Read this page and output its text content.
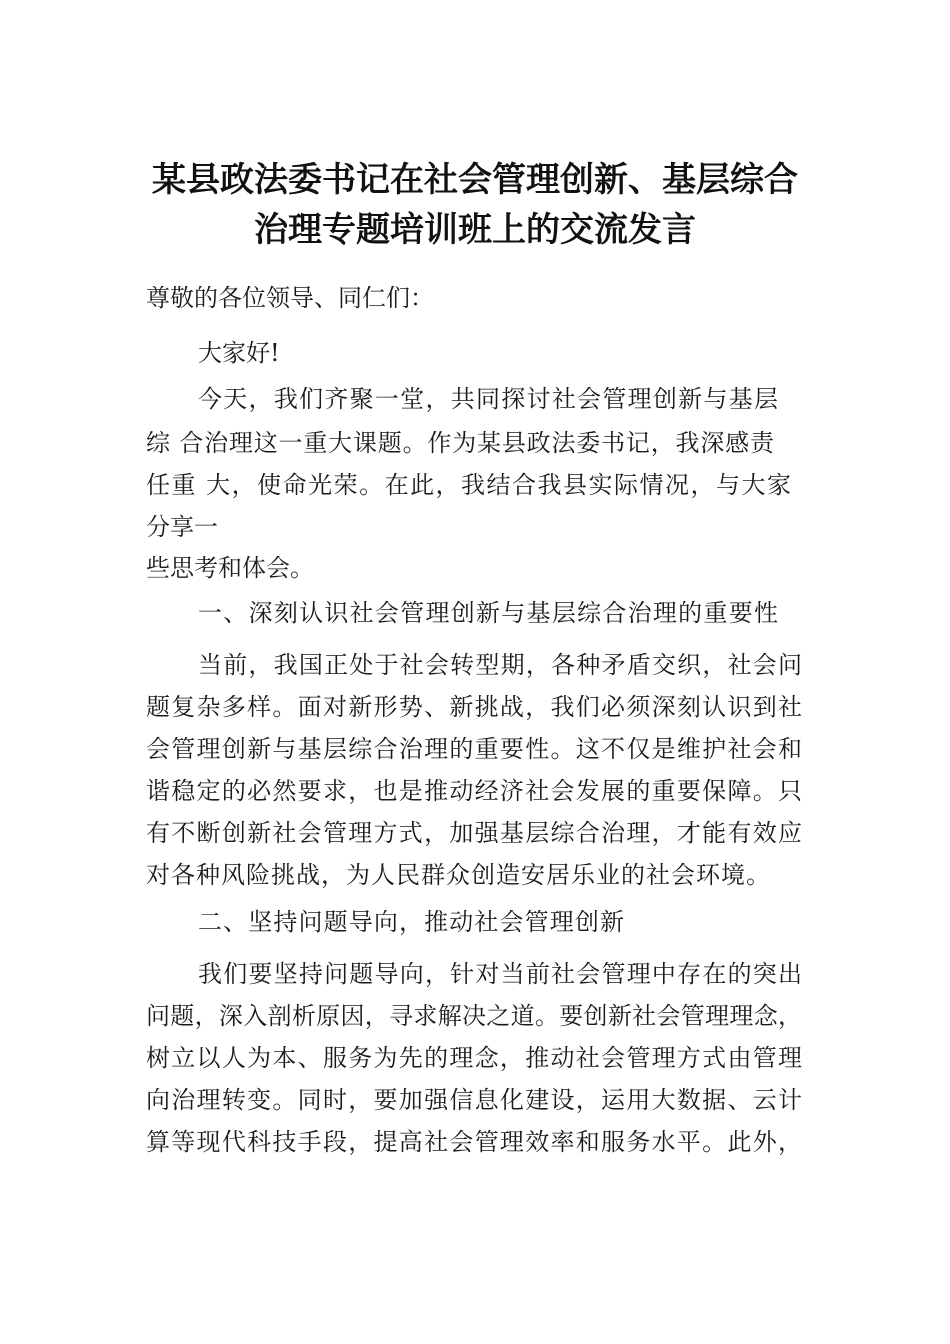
某县政法委书记在社会管理创新、基层综合
治理专题培训班上的交流发言
尊敬的各位领导、同仁们：
大家好!
今天，我们齐聚一堂，共同探讨社会管理创新与基层
综 合治理这一重大课题。作为某县政法委书记，我深感责
任重 大，使命光荣。在此，我结合我县实际情况，与大家
分享一
些思考和体会。
一、深刻认识社会管理创新与基层综合治理的重要性
当前，我国正处于社会转型期，各种矛盾交织，社会问
题复杂多样。面对新形势、新挑战，我们必须深刻认识到社
会管理创新与基层综合治理的重要性。这不仅是维护社会和
谐稳定的必然要求，也是推动经济社会发展的重要保障。只
有不断创新社会管理方式，加强基层综合治理，才能有效应
对各种风险挑战，为人民群众创造安居乐业的社会环境。
二、坚持问题导向，推动社会管理创新
我们要坚持问题导向，针对当前社会管理中存在的突出
问题，深入剖析原因，寻求解决之道。要创新社会管理理念，
树立以人为本、服务为先的理念，推动社会管理方式由管理
向治理转变。同时，要加强信息化建设，运用大数据、云计
算等现代科技手段，提高社会管理效率和服务水平。此外，
